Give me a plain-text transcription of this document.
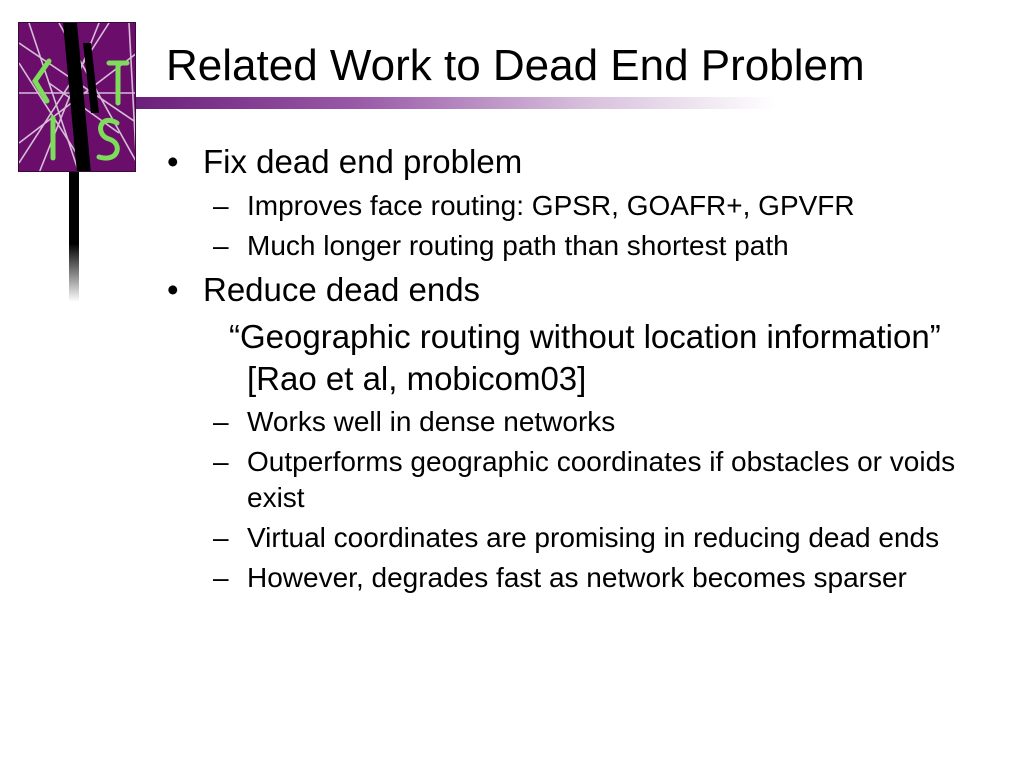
Related Work to Dead End Problem
• Fix dead end problem
– Improves face routing: GPSR, GOAFR+, GPVFR
– Much longer routing path than shortest path
• Reduce dead ends
“Geographic routing without location information” [Rao et al, mobicom03]
– Works well in dense networks
– Outperforms geographic coordinates if obstacles or voids exist
– Virtual coordinates are promising in reducing dead ends
– However, degrades fast as network becomes sparser
